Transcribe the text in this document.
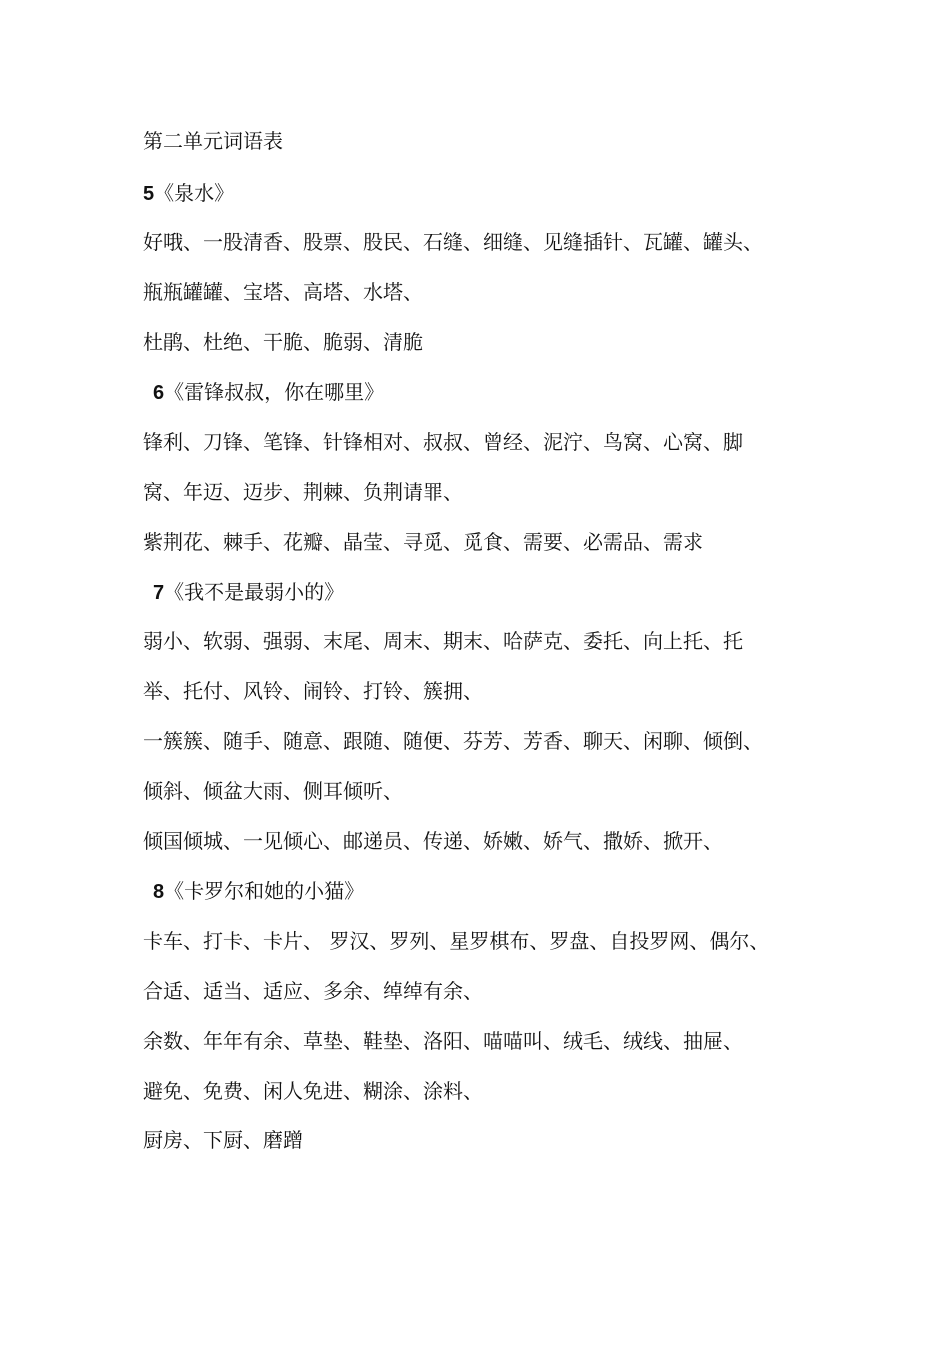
第二单元词语表
5《泉水》
好哦、一股清香、股票、股民、石缝、细缝、见缝插针、瓦罐、罐头、
瓶瓶罐罐、宝塔、高塔、水塔、
杜鹃、杜绝、干脆、脆弱、清脆
6《雷锋叔叔，你在哪里》
锋利、刀锋、笔锋、针锋相对、叔叔、曾经、泥泞、鸟窝、心窝、脚
窝、年迈、迈步、荆棘、负荆请罪、
紫荆花、棘手、花瓣、晶莹、寻觅、觅食、需要、必需品、需求
7《我不是最弱小的》
弱小、软弱、强弱、末尾、周末、期末、哈萨克、委托、向上托、托
举、托付、风铃、闹铃、打铃、簇拥、
一簇簇、随手、随意、跟随、随便、芬芳、芳香、聊天、闲聊、倾倒、
倾斜、倾盆大雨、侧耳倾听、
倾国倾城、一见倾心、邮递员、传递、娇嫩、娇气、撒娇、掀开、
8《卡罗尔和她的小猫》
卡车、打卡、卡片、 罗汉、罗列、星罗棋布、罗盘、自投罗网、偶尔、
合适、适当、适应、多余、绰绰有余、
余数、年年有余、草垫、鞋垫、洛阳、喵喵叫、绒毛、绒线、抽屉、
避免、免费、闲人免进、糊涂、涂料、
厨房、下厨、磨蹭
